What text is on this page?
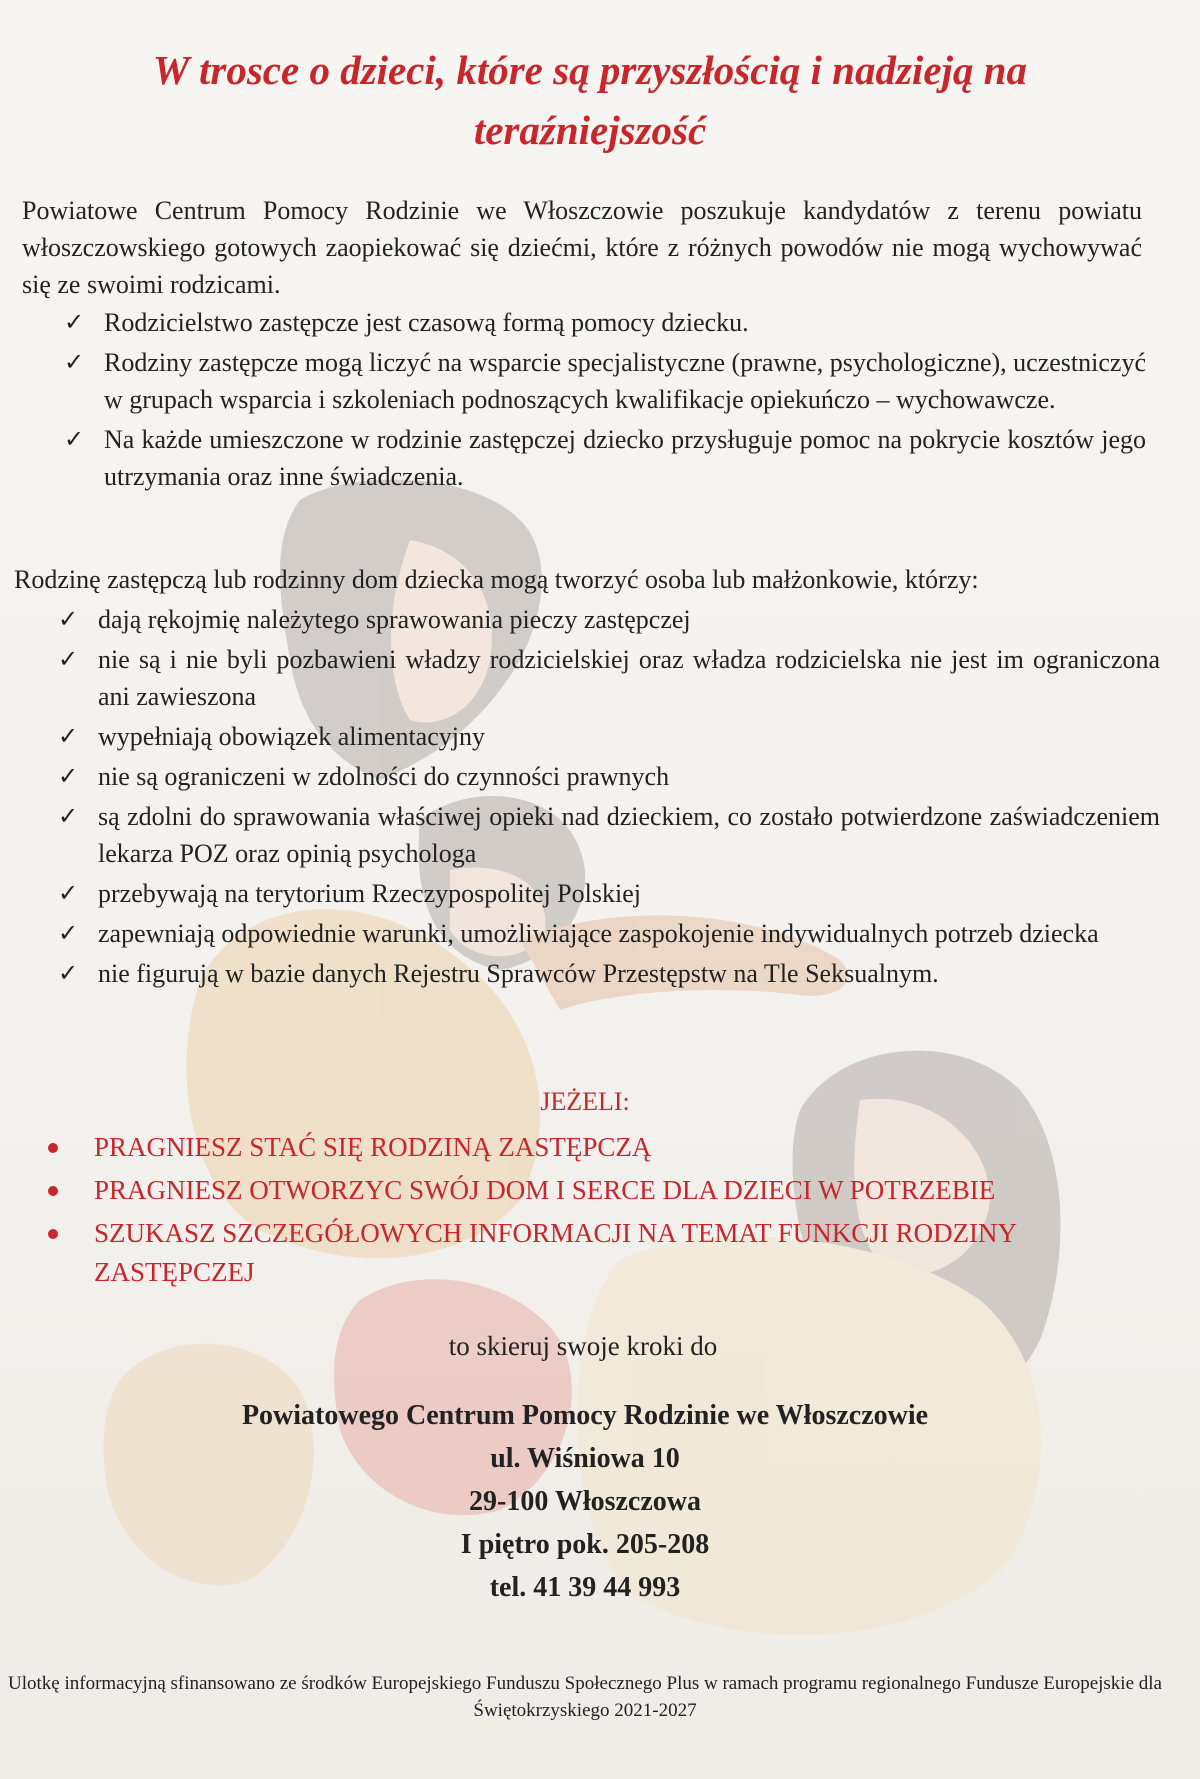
W trosce o dzieci, które są przyszłością i nadzieją na teraźniejszość

Powiatowe Centrum Pomocy Rodzinie we Włoszczowie poszukuje kandydatów z terenu powiatu włoszczowskiego gotowych zaopiekować się dziećmi, które z różnych powodów nie mogą wychowywać się ze swoimi rodzicami.

✓ Rodzicielstwo zastępcze jest czasową formą pomocy dziecku.
✓ Rodziny zastępcze mogą liczyć na wsparcie specjalistyczne (prawne, psychologiczne), uczestniczyć w grupach wsparcia i szkoleniach podnoszących kwalifikacje opiekuńczo – wychowawcze.
✓ Na każde umieszczone w rodzinie zastępczej dziecko przysługuje pomoc na pokrycie kosztów jego utrzymania oraz inne świadczenia.

Rodzinę zastępczą lub rodzinny dom dziecka mogą tworzyć osoba lub małżonkowie, którzy:

✓ dają rękojmię należytego sprawowania pieczy zastępczej
✓ nie są i nie byli pozbawieni władzy rodzicielskiej oraz władza rodzicielska nie jest im ograniczona ani zawieszona
✓ wypełniają obowiązek alimentacyjny
✓ nie są ograniczeni w zdolności do czynności prawnych
✓ są zdolni do sprawowania właściwej opieki nad dzieckiem, co zostało potwierdzone zaświadczeniem lekarza POZ oraz opinią psychologa
✓ przebywają na terytorium Rzeczypospolitej Polskiej
✓ zapewniają odpowiednie warunki, umożliwiające zaspokojenie indywidualnych potrzeb dziecka
✓ nie figurują w bazie danych Rejestru Sprawców Przestępstw na Tle Seksualnym.

JEŻELI:

PRAGNIESZ STAĆ SIĘ RODZINĄ ZASTĘPCZĄ
PRAGNIESZ OTWORZYC SWÓJ DOM I SERCE DLA DZIECI W POTRZEBIE
SZUKASZ SZCZEGÓŁOWYCH INFORMACJI NA TEMAT FUNKCJI RODZINY ZASTĘPCZEJ

to skieruj swoje kroki do

Powiatowego Centrum Pomocy Rodzinie we Włoszczowie
ul. Wiśniowa 10
29-100 Włoszczowa
I piętro pok. 205-208
tel. 41 39 44 993

Ulotkę informacyjną sfinansowano ze środków Europejskiego Funduszu Społecznego Plus w ramach programu regionalnego Fundusze Europejskie dla Świętokrzyskiego 2021-2027
